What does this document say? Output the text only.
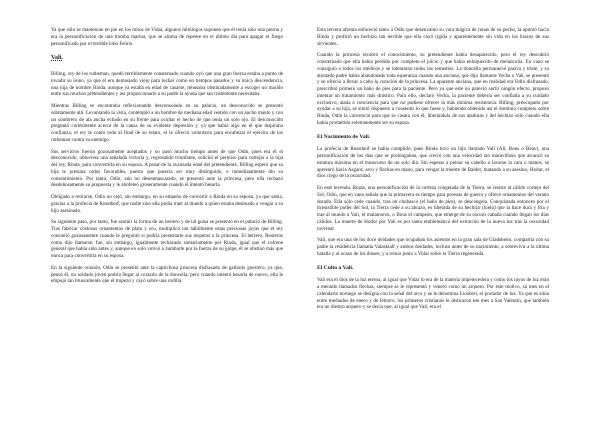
Ya que sólo se mantenían en pie en los mitos de Vidar, algunos mitólogos suponen que él tenía sólo una pierna y era la personificación de una tromba marina, que se alzaba de repente en el último día para apagar el fuego personificado por el terrible lobo Fenris.

Vali.

Billing, rey de los rutheman, quedó terriblemente consternado cuando oyó que una gran fuerza estaba a punto de invadir su reino, ya que él era demasiado viejo para luchar como en tiempos pasados y su única descendencia, una hija de nombre Rinda, aunque ya estaba en edad de casarse, rehusaba obstinadamente a escoger un marido entre sus muchos pretendientes y así proporcionarle a su padre la ayuda que tan tristemente necesitaba.

Mientras Billing se encontraba reflexionando desconsolado en su palacio, un desconocido se presentó súbitamente allí. Levantando la vista, contempló a un hombre de mediana edad vestido con un ancho manto y con un sombrero de ala ancha echado en su frente para ocultar el hecho de que tenía un solo ojo. El desconocido preguntó cortésmente acerca de la causa de su evidente depresión y, ya que había algo en él que inspiraba confianza, el rey le contó todo al final de su relato, el le ofreció voluntario para encabezar el ejército de los rutheman contra su enemigo.

Sus servicios fueron gozosamente aceptados y no pasó mucho tiempo antes de que Odín, pues era él el desconocido, obtuviera una señalada victoria y, regresando triunfante, solicitó el permiso para cortejar a la hija del rey, Rinda, para convertirla en su esposa. A pesar de la avanzada edad del pretendiente, Billing esperó que su hija le prestara oídos favorables, puesto que parecía ser muy distinguido, e inmediatamente dio su consentimiento. Por tanto, Odín, aún no desenmascarado, se presentó ante la princesa, pero ella rechazó desdeñosamente su propuesta y le abofeteó groseramente cuando él intentó besarla.

Obligado a retirarse, Odín no cejó, sin embargo, en su empeño de convertir a Rinda en su esposa, ya que sabía, gracias a la profecía de Rosstheif, que nadie sino ella podía traer al mundo a quien estaba destinado a vengar a su hijo asesinado.

Su siguiente paso, por tanto, fue asumir la forma de un herrero y de tal guisa se presentó en el palacio de Billing. Tras fabricar costosos ornamentos de plata y oro, multiplicó tan hábilmente estas preciosas joyas que el rey consintió gozosamente cuando le preguntó si podría presentarle sus respetos a la princesa. El herrero, Rosterus como dijo llamarse, fue, sin embargo, igualmente rechazado sumariamente por Rinda, igual que el cofrene general que había sido antes y, aunque en solo volvió a zumbarle por la fuerza de su golpe, él se obstinó más que nunca para convertirla en su esposa.

En la siguiente ocasión, Odín se presentó ante la caprichosa princesa disfrazado de gallardo guerrero, ya que, pensó él, un soldado joven podría llegar al corazón de la doncella; pero cuando intentó besarla de nuevo, ella le empujó tan bruscamente que él tropezó y cayó sobre una rodilla.

Esta tercera afrenta enfureció tanto a Odín que desenvainó su vara mágica de runas de su pecho, la apuntó hacia Rinda y profirió un hechizo tan terrible que ella cayó rígida y aparentemente sin vida en los brazos de sus sirvientes.

Cuando la princesa recobró el conocimiento, su pretendiente había desaparecido, pero el rey descubrió consternado que ella había perdido por completo el juicio y que había enloquecido de melancolía. En vano se consiguió a todos los médicos y se intentaron todos los remedios. La doncella permaneció pasiva y triste, y su atontado padre había abandonado toda esperanza cuando una anciana, que dijo llamarse Vecha o Vak, se presentó y se ofreció a llevar a cabo la curación de la princesa. La aparente anciana, que en realidad era Odín disfrazado, prescribió primero un baño de pies para la paciente. Pero ya que este no pareció surtir ningún efecto, propuso intentar un tratamiento más drástico. Para ello, declaró Vecha, la paciente debería ser confiada a su cuidado exclusivo, atada a conciencia para que no pudiese ofrecer la más mínima resistencia. Billing, preocupado por ayudar a su hija, se sintió dispuesto a consentir lo que fuese y, habiendo obtenido así el dominio completo sobre Rinda, Odín la convenció para que se casara con él, liberándola de sus ataduras y del hechizo sólo cuando ella había prometido solemnemente ser su esposa.

El Nacimiento de Vali.

La profecía de Rosstheif se había cumplido, pues Rinda tuvo un hijo llamado Vali (Ali, Bous o Beav), una personificación de los días que se prolongaban, que creció con una velocidad tan maravillosa que alcanzó su estatura máxima en el transcurso de un solo día. Sin esperar a peinar su cabello o lavarse la cara o manos, se apresuró hacia Asgard, arco y flechas en mano, para vengar la muerte de Balder, matando a su asesino, Hodur, el dios ciego de la oscuridad.

En este leyenda, Rinda, una personificación de la corteza congelada de la Tierra, se resiste al cálido cortejo del Sol, Odín, que en vano señala que la primavera es tiempo para proezas de guerra y ofrece ornamentos del verano dorado. Ella sólo cede cuando, tras un chubasco (el baño de pies), se descongela. Conquistada entonces por el irresistible poder del Sol, la Tierra cede a su abrazo, es liberada de su hechizo (hielo) que la hace dura y fría y trae al mundo a Vali, el matamoros, o Bous el campeón, que emerge de su oscuro cabaña cuando llegan los días cálidos. La muerte de Hodur por Vali es por tanto emblemática del extinción de la nueva luz tras la oscuridad invernal.

Vali, que era una de los doce deidades que ocupaban los asientos en la gran sala de Gladsheim, compartía con su padre la residencia llamada Valaskialf y ambos deidades, incluso antes de su nacimiento, a sobrevivir a la última batalla y al ocaso de los dioses, y a reinar junto a Vidar sobre la Tierra regenerada.

El Culto a Vali.

Vali era el dios de la luz eterna, al igual que Vidar lo era de la materia imperecedera y como los rayos de luz eran a menudo llamados flechas, siempre se le representó y veneró como un arquero. Por este motivo, su mes en el calendario noruego se designa con la señal del arco y se le denomina Liosberi, el portador de luz. Ya que es sitúa entre mediados de enero y de febrero, los primeros cristianos le dedicaron ese mes a San Valentín, que también era un diestro arquero y se decía que, al igual que Vali, era el
